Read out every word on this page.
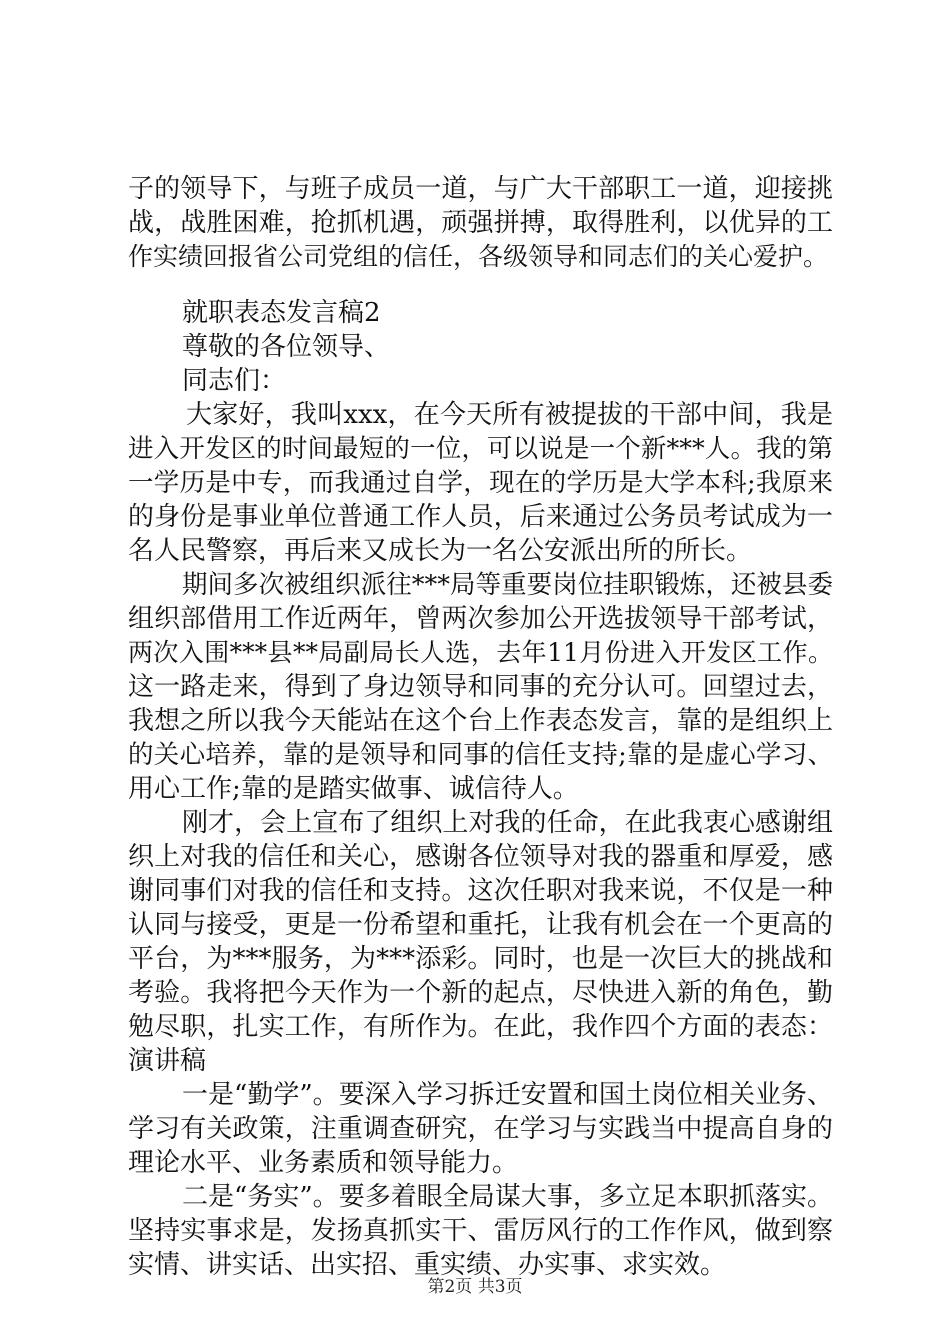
子的领导下，与班子成员一道，与广大干部职工一道，迎接挑
战，战胜困难，抢抓机遇，顽强拼搏，取得胜利，以优异的工
作实绩回报省公司党组的信任，各级领导和同志们的关心爱护。
就职表态发言稿2
尊敬的各位领导、
同志们：
大家好，我叫xxx，在今天所有被提拔的干部中间，我是
进入开发区的时间最短的一位，可以说是一个新***人。我的第
一学历是中专，而我通过自学，现在的学历是大学本科;我原来
的身份是事业单位普通工作人员，后来通过公务员考试成为一
名人民警察，再后来又成长为一名公安派出所的所长。
期间多次被组织派往***局等重要岗位挂职锻炼，还被县委
组织部借用工作近两年，曾两次参加公开选拔领导干部考试，
两次入围***县**局副局长人选，去年11月份进入开发区工作。
这一路走来，得到了身边领导和同事的充分认可。回望过去，
我想之所以我今天能站在这个台上作表态发言，靠的是组织上
的关心培养，靠的是领导和同事的信任支持;靠的是虚心学习、
用心工作;靠的是踏实做事、诚信待人。
刚才，会上宣布了组织上对我的任命，在此我衷心感谢组
织上对我的信任和关心，感谢各位领导对我的器重和厚爱，感
谢同事们对我的信任和支持。这次任职对我来说，不仅是一种
认同与接受，更是一份希望和重托，让我有机会在一个更高的
平台，为***服务，为***添彩。同时，也是一次巨大的挑战和
考验。我将把今天作为一个新的起点，尽快进入新的角色，勤
勉尽职，扎实工作，有所作为。在此，我作四个方面的表态：
演讲稿
一是“勤学”。要深入学习拆迁安置和国土岗位相关业务、
学习有关政策，注重调查研究，在学习与实践当中提高自身的
理论水平、业务素质和领导能力。
二是“务实”。要多着眼全局谋大事，多立足本职抓落实。
坚持实事求是，发扬真抓实干、雷厉风行的工作作风，做到察
实情、讲实话、出实招、重实绩、办实事、求实效。
第2页 共3页
